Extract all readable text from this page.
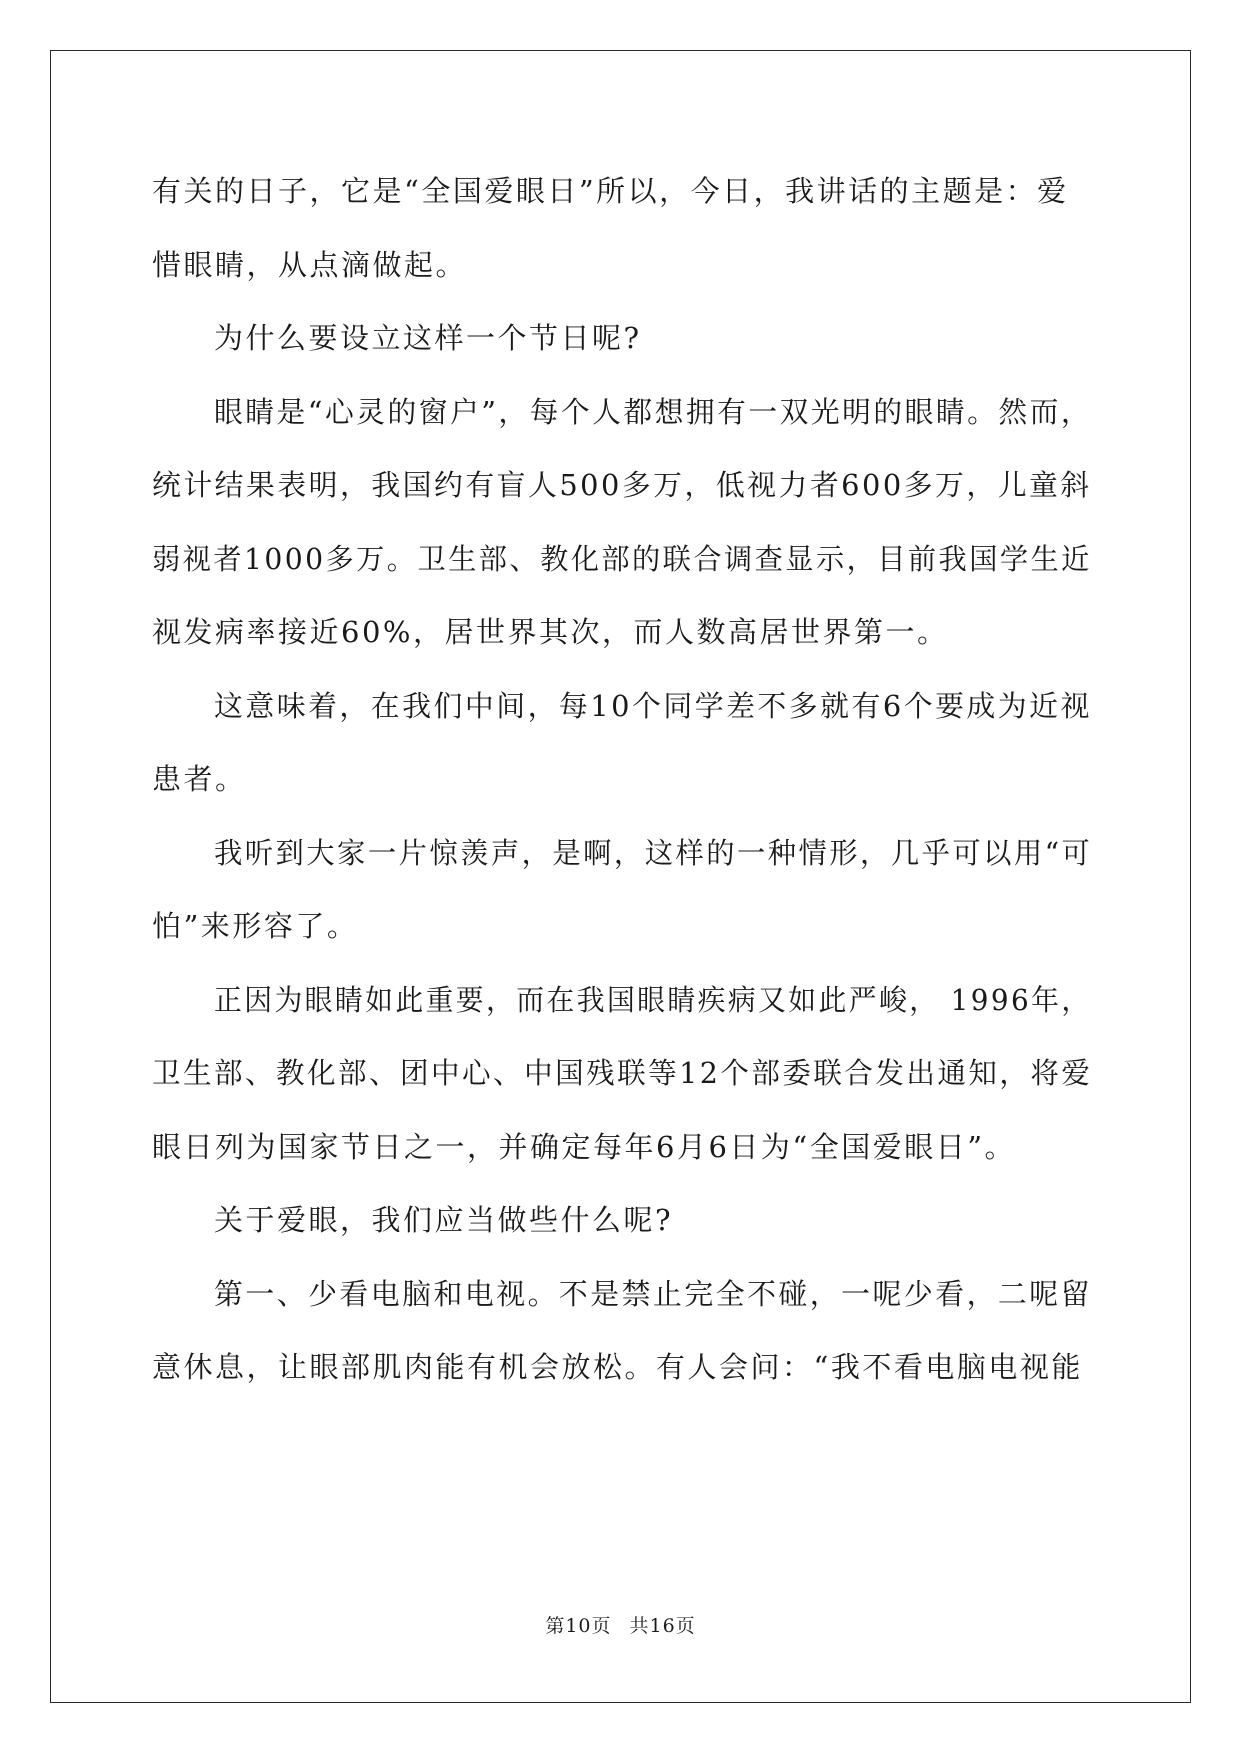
有关的日子，它是“全国爱眼日”所以，今日，我讲话的主题是：爱
惜眼睛，从点滴做起。
为什么要设立这样一个节日呢?
眼睛是“心灵的窗户”，每个人都想拥有一双光明的眼睛。然而，
统计结果表明，我国约有盲人500多万，低视力者600多万，儿童斜
弱视者1000多万。卫生部、教化部的联合调查显示，目前我国学生近
视发病率接近60%，居世界其次，而人数高居世界第一。
这意味着，在我们中间，每10个同学差不多就有6个要成为近视
患者。
我听到大家一片惊羡声，是啊，这样的一种情形，几乎可以用“可
怕”来形容了。
正因为眼睛如此重要，而在我国眼睛疾病又如此严峻， 1996年，
卫生部、教化部、团中心、中国残联等12个部委联合发出通知，将爱
眼日列为国家节日之一，并确定每年6月6日为“全国爱眼日”。
关于爱眼，我们应当做些什么呢?
第一、少看电脑和电视。不是禁止完全不碰，一呢少看，二呢留
意休息，让眼部肌肉能有机会放松。有人会问：“我不看电脑电视能
第10页 共16页
